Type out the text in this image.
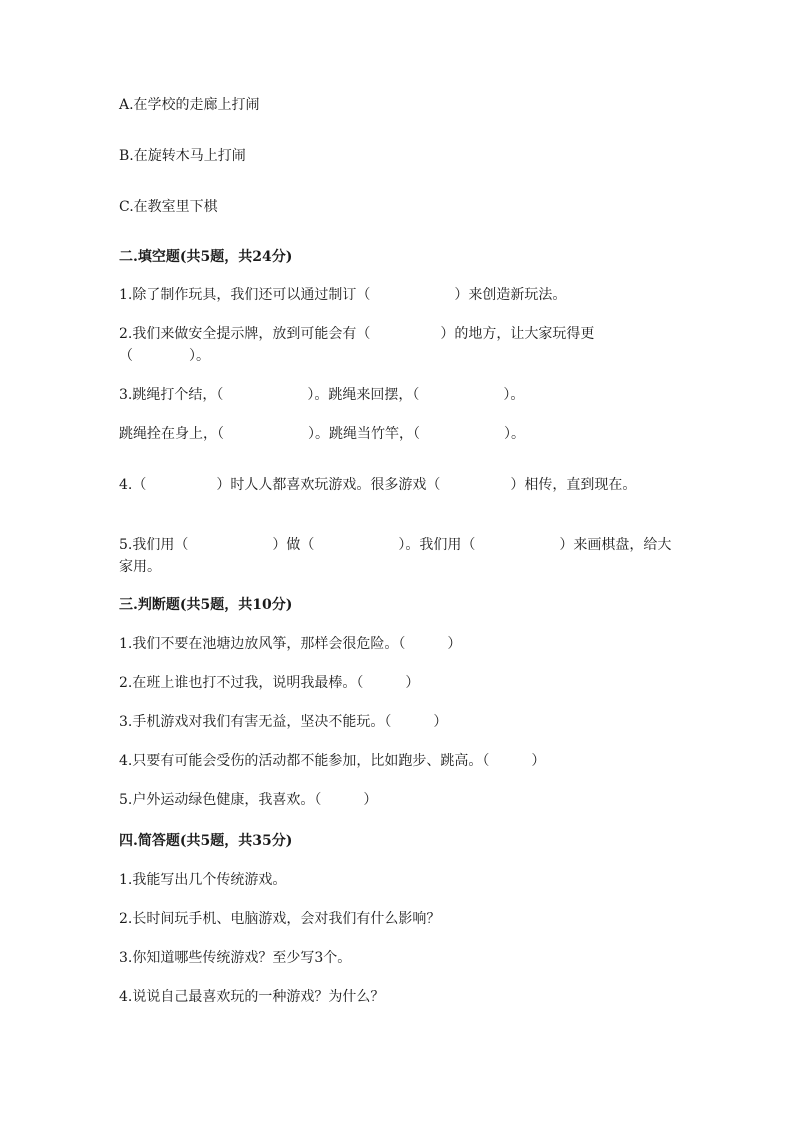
A.在学校的走廊上打闹
B.在旋转木马上打闹
C.在教室里下棋
二.填空题(共5题，共24分)
1.除了制作玩具，我们还可以通过制订（　　　　　　）来创造新玩法。
2.我们来做安全提示牌，放到可能会有（　　　　　）的地方，让大家玩得更（　　　　）。
3.跳绳打个结，（　　　　　　）。跳绳来回摆，（　　　　　　）。
跳绳拴在身上，（　　　　　　）。跳绳当竹竿，（　　　　　　）。
4.（　　　　　）时人人都喜欢玩游戏。很多游戏（　　　　　）相传，直到现在。
5.我们用（　　　　　　）做（　　　　　　）。我们用（　　　　　　）来画棋盘，给大家用。
三.判断题(共5题，共10分)
1.我们不要在池塘边放风筝，那样会很危险。（　　　）
2.在班上谁也打不过我，说明我最棒。（　　　）
3.手机游戏对我们有害无益，坚决不能玩。（　　　）
4.只要有可能会受伤的活动都不能参加，比如跑步、跳高。（　　　）
5.户外运动绿色健康，我喜欢。（　　　）
四.简答题(共5题，共35分)
1.我能写出几个传统游戏。
2.长时间玩手机、电脑游戏，会对我们有什么影响？
3.你知道哪些传统游戏？至少写3个。
4.说说自己最喜欢玩的一种游戏？为什么？
